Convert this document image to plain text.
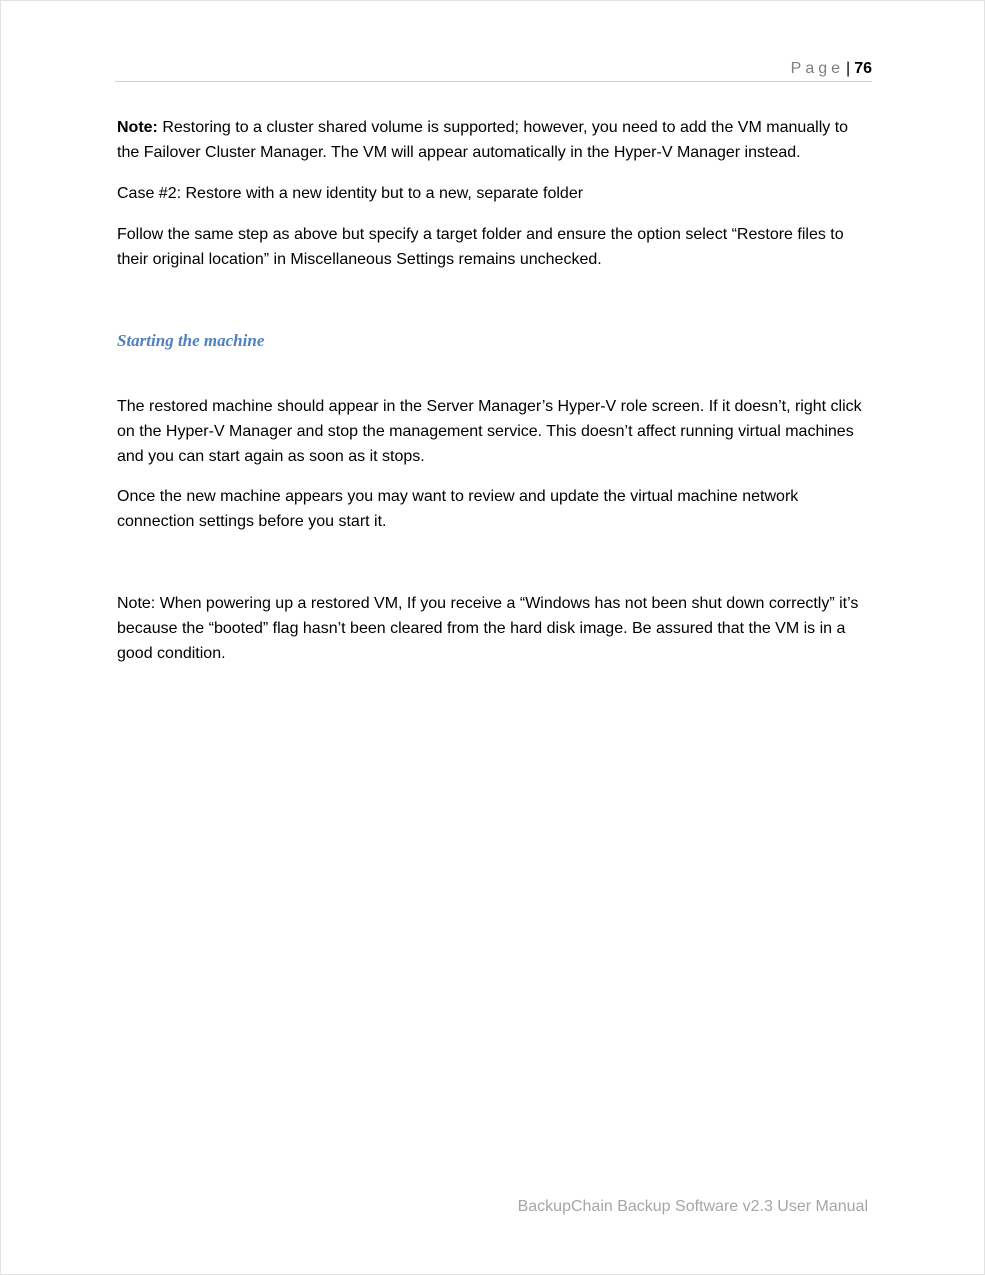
Page | 76

Note: Restoring to a cluster shared volume is supported; however, you need to add the VM manually to the Failover Cluster Manager. The VM will appear automatically in the Hyper-V Manager instead.

Case #2: Restore with a new identity but to a new, separate folder

Follow the same step as above but specify a target folder and ensure the option select “Restore files to their original location” in Miscellaneous Settings remains unchecked.

Starting the machine

The restored machine should appear in the Server Manager’s Hyper-V role screen. If it doesn’t, right click on the Hyper-V Manager and stop the management service. This doesn’t affect running virtual machines and you can start again as soon as it stops.

Once the new machine appears you may want to review and update the virtual machine network connection settings before you start it.

Note: When powering up a restored VM, If you receive a “Windows has not been shut down correctly” it’s because the “booted” flag hasn’t been cleared from the hard disk image. Be assured that the VM is in a good condition.

BackupChain Backup Software v2.3 User Manual
